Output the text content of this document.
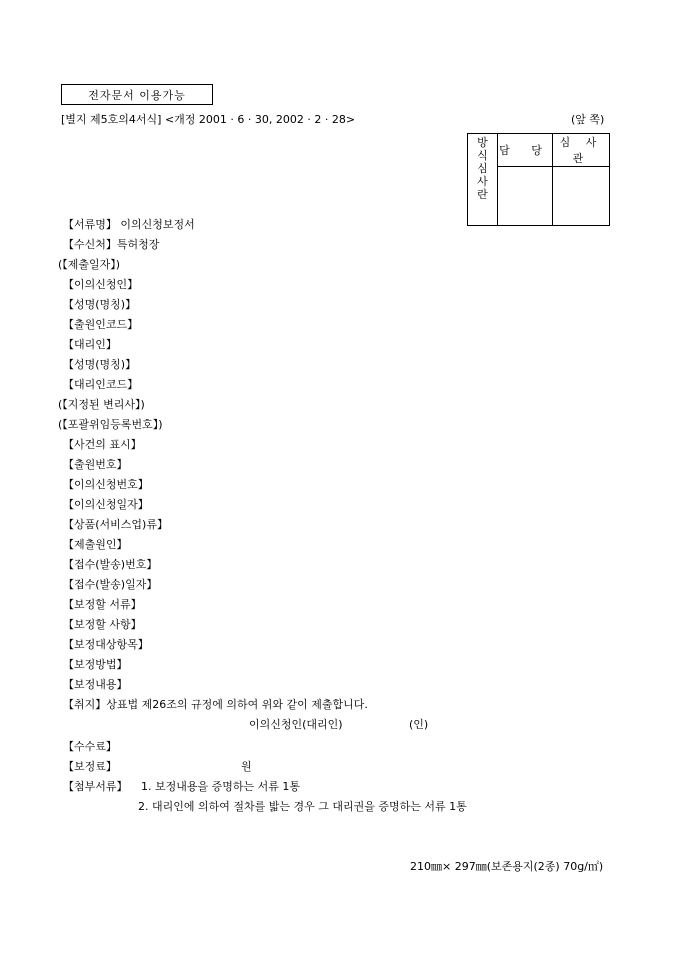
전자문서 이용가능
[별지 제5호의4서식] <개정 2001 · 6 · 30, 2002 · 2 · 28>	(앞 쪽)
방
식
심
사
란	담 당	심 사 관

【서류명】 이의신청보정서
【수신처】특허청장
(【제출일자】)
【이의신청인】
【성명(명칭)】
【출원인코드】
【대리인】
【성명(명칭)】
【대리인코드】
(【지정된 변리사】)
(【포괄위임등록번호】)
【사건의 표시】
【출원번호】
【이의신청번호】
【이의신청일자】
【상품(서비스업)류】
【제출원인】
【접수(발송)번호】
【접수(발송)일자】
【보정할 서류】
【보정할 사항】
【보정대상항목】
【보정방법】
【보정내용】
【취지】상표법 제26조의 규정에 의하여 위와 같이 제출합니다.
이의신청인(대리인)	(인)
【수수료】
【보정료】	원
【첨부서류】 1. 보정내용을 증명하는 서류 1통
2. 대리인에 의하여 절차를 밟는 경우 그 대리권을 증명하는 서류 1통
210㎜× 297㎜(보존용지(2종) 70g/㎡)
